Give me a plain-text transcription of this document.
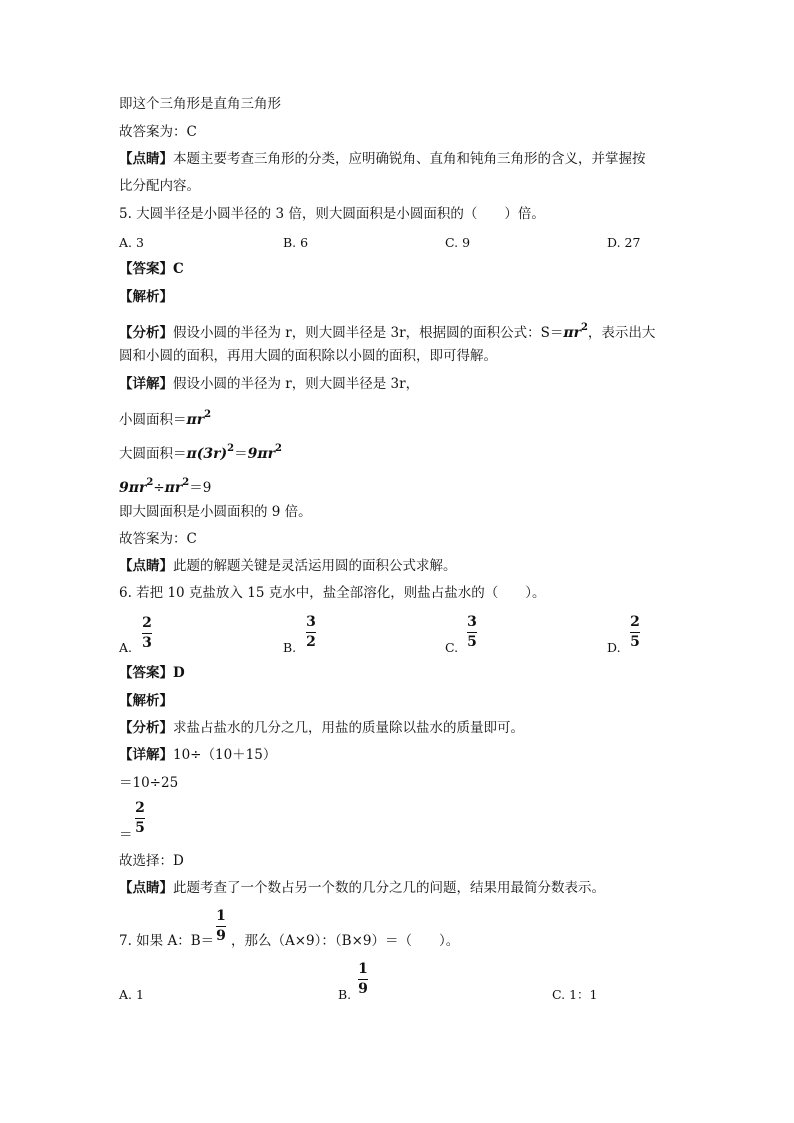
即这个三角形是直角三角形
故答案为：C
【点睛】本题主要考查三角形的分类，应明确锐角、直角和钝角三角形的含义，并掌握按
比分配内容。
5. 大圆半径是小圆半径的 3 倍，则大圆面积是小圆面积的（　　）倍。
A. 3	B. 6	C. 9	D. 27
【答案】C
【解析】
【分析】假设小圆的半径为 r，则大圆半径是 3r，根据圆的面积公式：$S=\pi r^2$，表示出大
圆和小圆的面积，再用大圆的面积除以小圆的面积，即可得解。
【详解】假设小圆的半径为 r，则大圆半径是 3r，
小圆面积$=\pi r^2$
大圆面积$=\pi(3r)^2=9\pi r^2$
$9\pi r^2\div\pi r^2=9$
即大圆面积是小圆面积的 9 倍。
故答案为：C
【点睛】此题的解题关键是灵活运用圆的面积公式求解。
6. 若把 10 克盐放入 15 克水中，盐全部溶化，则盐占盐水的（　　）。
A.
2
3	B.
3
2	C.
3
5	D.
2
5
【答案】D
【解析】
【分析】求盐占盐水的几分之几，用盐的质量除以盐水的质量即可。
【详解】10÷（10＋15）
＝10÷25
＝
2
5
故选择：D
【点睛】此题考查了一个数占另一个数的几分之几的问题，结果用最简分数表示。
7. 如果 A：B＝
1
9 ，那么（A×9）：（B×9）＝（　　）。
A. 1	B.
1
9	C. 1：1
